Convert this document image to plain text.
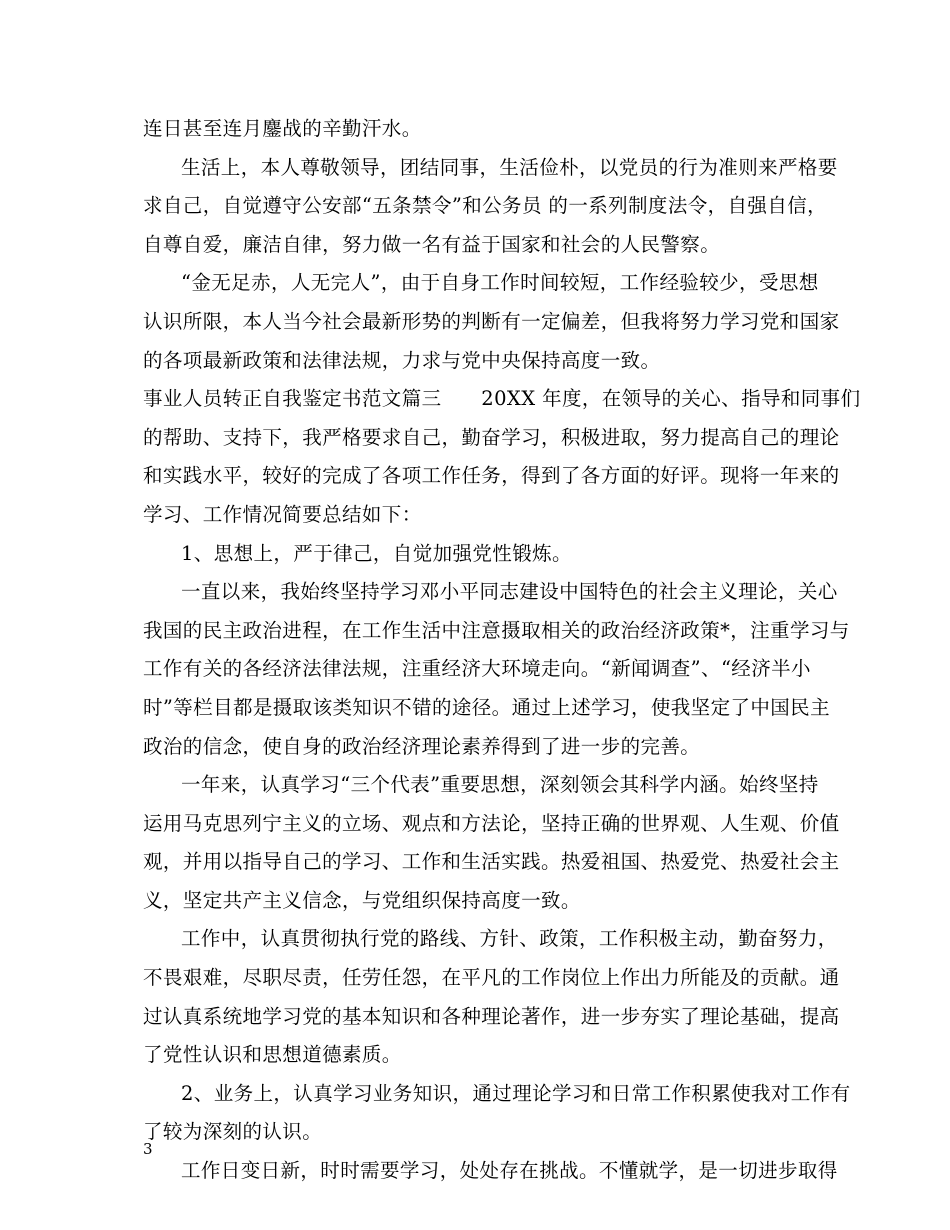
连日甚至连月鏖战的辛勤汗水。
生活上，本人尊敬领导，团结同事，生活俭朴，以党员的行为准则来严格要
求自己，自觉遵守公安部“五条禁令”和公务员 的一系列制度法令，自强自信，
自尊自爱，廉洁自律，努力做一名有益于国家和社会的人民警察。
“金无足赤，人无完人”，由于自身工作时间较短，工作经验较少，受思想
认识所限，本人当今社会最新形势的判断有一定偏差，但我将努力学习党和国家
的各项最新政策和法律法规，力求与党中央保持高度一致。
事业人员转正自我鉴定书范文篇三　　20XX 年度，在领导的关心、指导和同事们
的帮助、支持下，我严格要求自己，勤奋学习，积极进取，努力提高自己的理论
和实践水平，较好的完成了各项工作任务，得到了各方面的好评。现将一年来的
学习、工作情况简要总结如下：
1、思想上，严于律己，自觉加强党性锻炼。
一直以来，我始终坚持学习邓小平同志建设中国特色的社会主义理论，关心
我国的民主政治进程，在工作生活中注意摄取相关的政治经济政策*，注重学习与
工作有关的各经济法律法规，注重经济大环境走向。“新闻调查”、“经济半小
时”等栏目都是摄取该类知识不错的途径。通过上述学习，使我坚定了中国民主
政治的信念，使自身的政治经济理论素养得到了进一步的完善。
一年来，认真学习“三个代表”重要思想，深刻领会其科学内涵。始终坚持
运用马克思列宁主义的立场、观点和方法论，坚持正确的世界观、人生观、价值
观，并用以指导自己的学习、工作和生活实践。热爱祖国、热爱党、热爱社会主
义，坚定共产主义信念，与党组织保持高度一致。
工作中，认真贯彻执行党的路线、方针、政策，工作积极主动，勤奋努力，
不畏艰难，尽职尽责，任劳任怨，在平凡的工作岗位上作出力所能及的贡献。通
过认真系统地学习党的基本知识和各种理论著作，进一步夯实了理论基础，提高
了党性认识和思想道德素质。
2、业务上，认真学习业务知识，通过理论学习和日常工作积累使我对工作有
了较为深刻的认识。
工作日变日新，时时需要学习，处处存在挑战。不懂就学，是一切进步取得
3
